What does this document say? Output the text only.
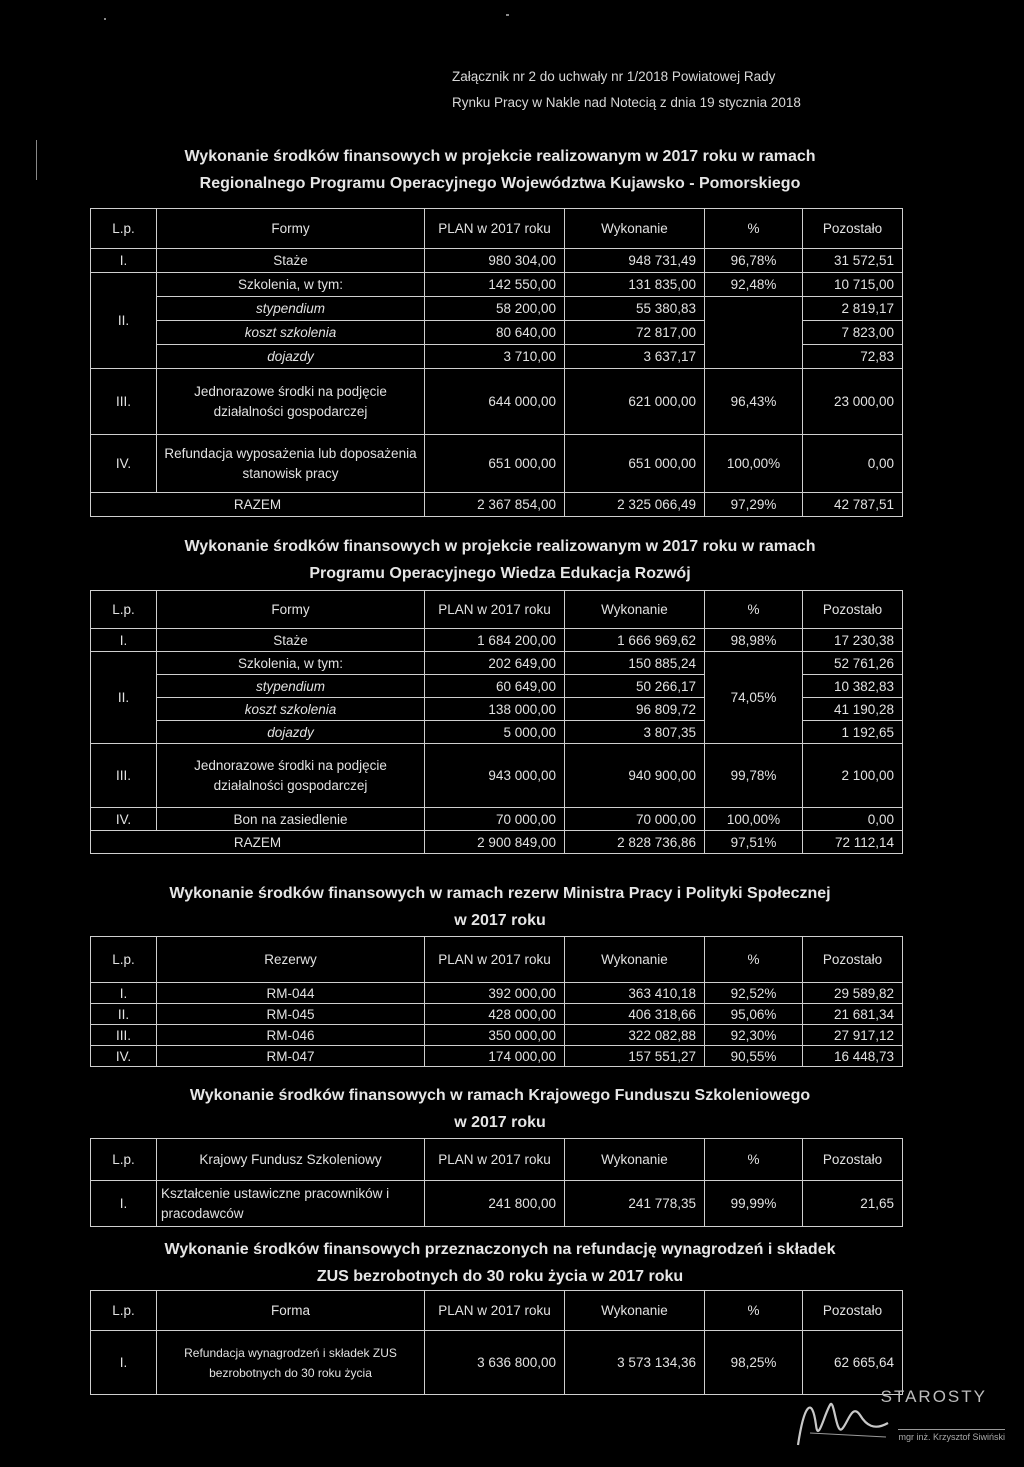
Załącznik nr 2 do uchwały nr 1/2018 Powiatowej Rady
Rynku Pracy w Nakle nad Notecią z dnia 19 stycznia 2018
Wykonanie środków finansowych w projekcie realizowanym w 2017 roku w ramach
Regionalnego Programu Operacyjnego Województwa Kujawsko - Pomorskiego
L.p.	Formy	PLAN w 2017 roku	Wykonanie	%	Pozostało
I.	Staże	980 304,00	948 731,49	96,78%	31 572,51
II.	Szkolenia, w tym:	142 550,00	131 835,00	92,48%	10 715,00
	stypendium	58 200,00	55 380,83		2 819,17
	koszt szkolenia	80 640,00	72 817,00		7 823,00
	dojazdy	3 710,00	3 637,17		72,83
III.	Jednorazowe środki na podjęcie działalności gospodarczej	644 000,00	621 000,00	96,43%	23 000,00
IV.	Refundacja wyposażenia lub doposażenia stanowisk pracy	651 000,00	651 000,00	100,00%	0,00
RAZEM		2 367 854,00	2 325 066,49	97,29%	42 787,51
Wykonanie środków finansowych w projekcie realizowanym w 2017 roku w ramach
Programu Operacyjnego Wiedza Edukacja Rozwój
L.p.	Formy	PLAN w 2017 roku	Wykonanie	%	Pozostało
I.	Staże	1 684 200,00	1 666 969,62	98,98%	17 230,38
II.	Szkolenia, w tym:	202 649,00	150 885,24	74,05%	52 761,26
	stypendium	60 649,00	50 266,17		10 382,83
	koszt szkolenia	138 000,00	96 809,72		41 190,28
	dojazdy	5 000,00	3 807,35		1 192,65
III.	Jednorazowe środki na podjęcie działalności gospodarczej	943 000,00	940 900,00	99,78%	2 100,00
IV.	Bon na zasiedlenie	70 000,00	70 000,00	100,00%	0,00
RAZEM		2 900 849,00	2 828 736,86	97,51%	72 112,14
Wykonanie środków finansowych w ramach rezerw Ministra Pracy i Polityki Społecznej
w 2017 roku
L.p.	Rezerwy	PLAN w 2017 roku	Wykonanie	%	Pozostało
I.	RM-044	392 000,00	363 410,18	92,52%	29 589,82
II.	RM-045	428 000,00	406 318,66	95,06%	21 681,34
III.	RM-046	350 000,00	322 082,88	92,30%	27 917,12
IV.	RM-047	174 000,00	157 551,27	90,55%	16 448,73
Wykonanie środków finansowych w ramach Krajowego Funduszu Szkoleniowego
w 2017 roku
L.p.	Krajowy Fundusz Szkoleniowy	PLAN w 2017 roku	Wykonanie	%	Pozostało
I.	Kształcenie ustawiczne pracowników i pracodawców	241 800,00	241 778,35	99,99%	21,65
Wykonanie środków finansowych przeznaczonych na refundację wynagrodzeń i składek
ZUS bezrobotnych do 30 roku życia w 2017 roku
L.p.	Forma	PLAN w 2017 roku	Wykonanie	%	Pozostało
I.	Refundacja wynagrodzeń i składek ZUS bezrobotnych do 30 roku życia	3 636 800,00	3 573 134,36	98,25%	62 665,64
STAROSTY
mgr inż. Krzysztof Siwiński
